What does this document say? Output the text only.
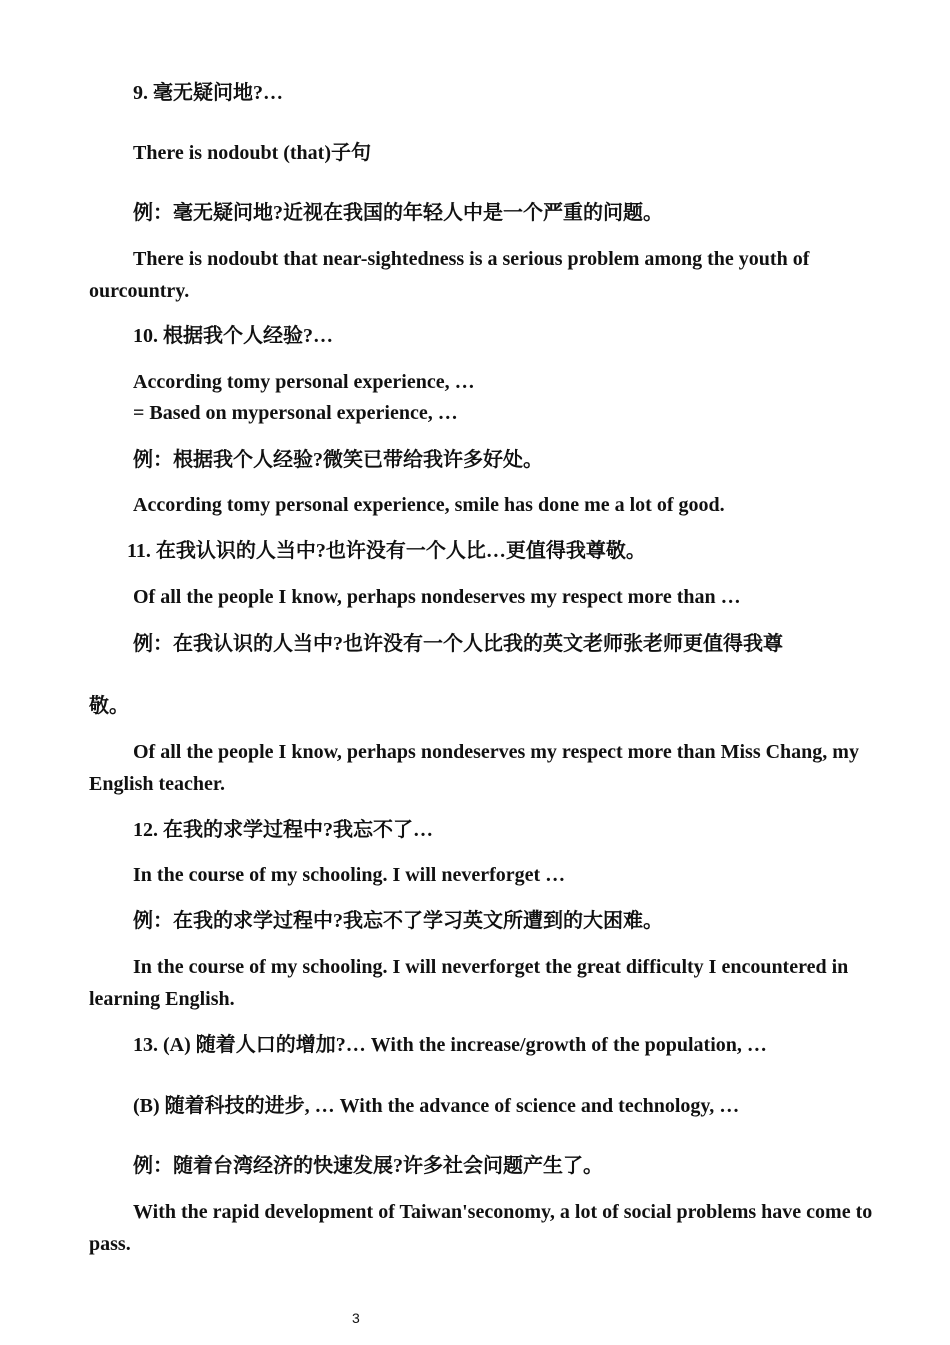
9. 毫无疑问地?…
There is nodoubt (that)子句
例：毫无疑问地?近视在我国的年轻人中是一个严重的问题。
There is nodoubt that near-sightedness is a serious problem among the youth of ourcountry.
10. 根据我个人经验?…
According tomy personal experience, …
= Based on mypersonal experience, …
例：根据我个人经验?微笑已带给我许多好处。
According tomy personal experience, smile has done me a lot of good.
11. 在我认识的人当中?也许没有一个人比…更值得我尊敬。
Of all the people I know, perhaps nondeserves my respect more than …
例：在我认识的人当中?也许没有一个人比我的英文老师张老师更值得我尊
敬。
Of all the people I know, perhaps nondeserves my respect more than Miss Chang, my English teacher.
12. 在我的求学过程中?我忘不了…
In the course of my schooling. I will neverforget …
例：在我的求学过程中?我忘不了学习英文所遭到的大困难。
In the course of my schooling. I will neverforget the great difficulty I encountered in learning English.
13. (A) 随着人口的增加?… With the increase/growth of the population, …
(B) 随着科技的进步, … With the advance of science and technology, …
例：随着台湾经济的快速发展?许多社会问题产生了。
With the rapid development of Taiwan'seconomy, a lot of social problems have come to pass.
3
